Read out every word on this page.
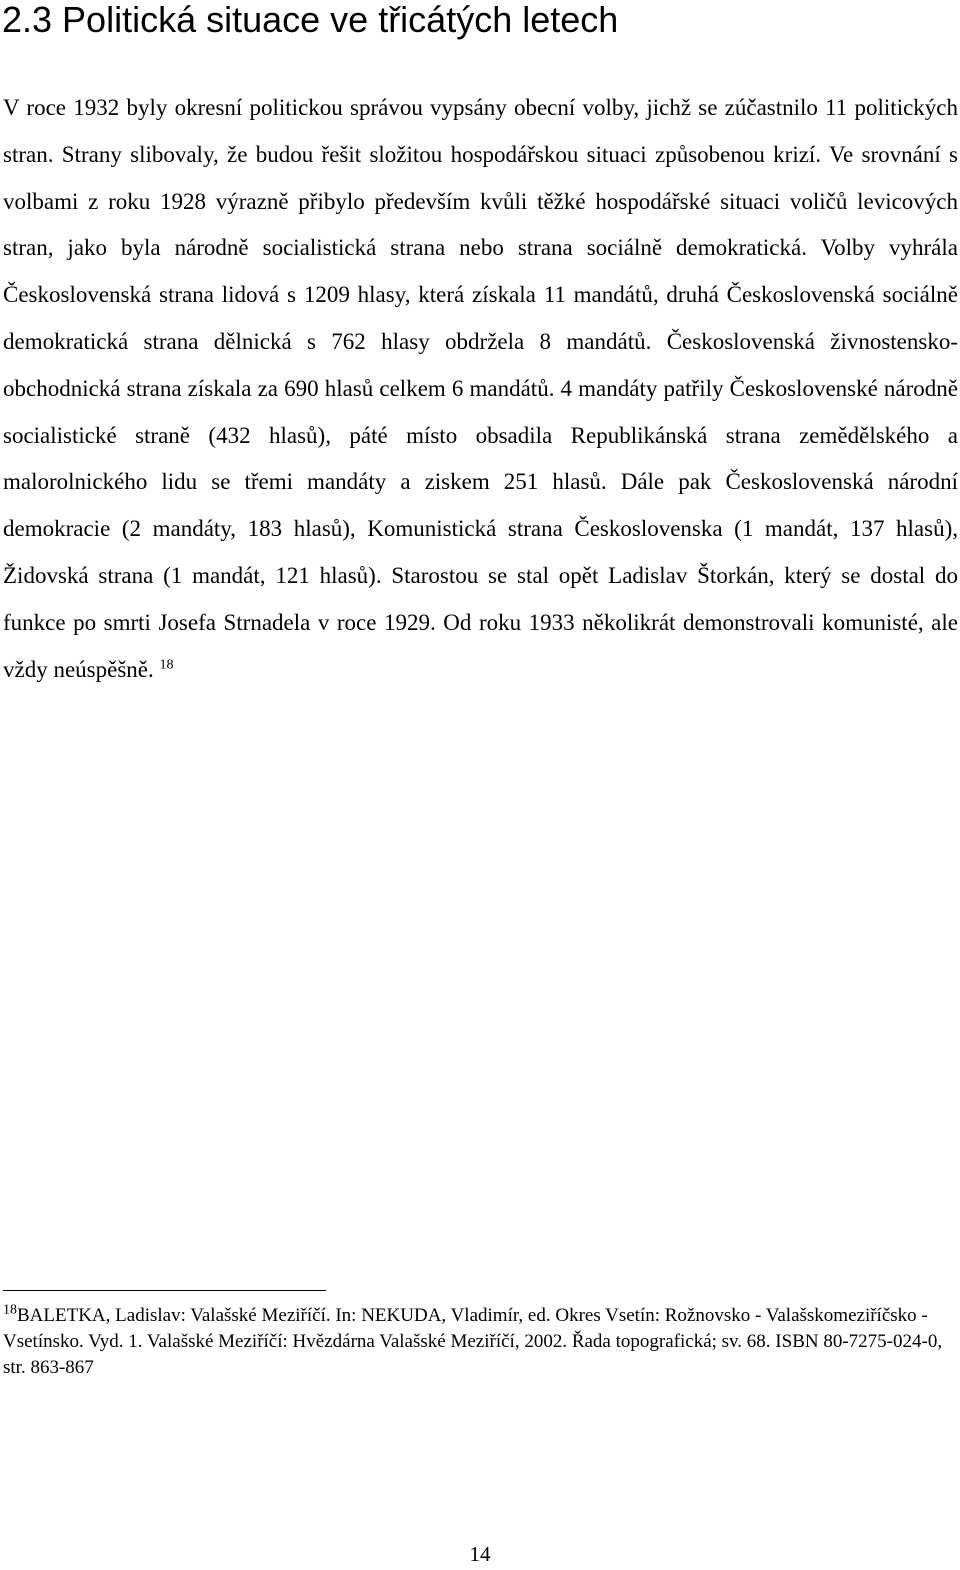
2.3 Politická situace ve třicátých letech

V roce 1932 byly okresní politickou správou vypsány obecní volby, jichž se zúčastnilo 11 politických stran. Strany slibovaly, že budou řešit složitou hospodářskou situaci způsobenou krizí. Ve srovnání s volbami z roku 1928 výrazně přibylo především kvůli těžké hospodářské situaci voličů levicových stran, jako byla národně socialistická strana nebo strana sociálně demokratická. Volby vyhrála Československá strana lidová s 1209 hlasy, která získala 11 mandátů, druhá Československá sociálně demokratická strana dělnická s 762 hlasy obdržela 8 mandátů. Československá živnostensko-obchodnická strana získala za 690 hlasů celkem 6 mandátů. 4 mandáty patřily Československé národně socialistické straně (432 hlasů), páté místo obsadila Republikánská strana zemědělského a malorolnického lidu se třemi mandáty a ziskem 251 hlasů. Dále pak Československá národní demokracie (2 mandáty, 183 hlasů), Komunistická strana Československa (1 mandát, 137 hlasů), Židovská strana (1 mandát, 121 hlasů). Starostou se stal opět Ladislav Štorkán, který se dostal do funkce po smrti Josefa Strnadela v roce 1929. Od roku 1933 několikrát demonstrovali komunisté, ale vždy neúspěšně. $^{18}$

$^{18}$BALETKA, Ladislav: Valašské Meziříčí. In: NEKUDA, Vladimír, ed. Okres Vsetín: Rožnovsko - Valašskomeziříčsko - Vsetínsko. Vyd. 1. Valašské Meziříčí: Hvězdárna Valašské Meziříčí, 2002. Řada topografická; sv. 68. ISBN 80-7275-024-0, str. 863-867

14
